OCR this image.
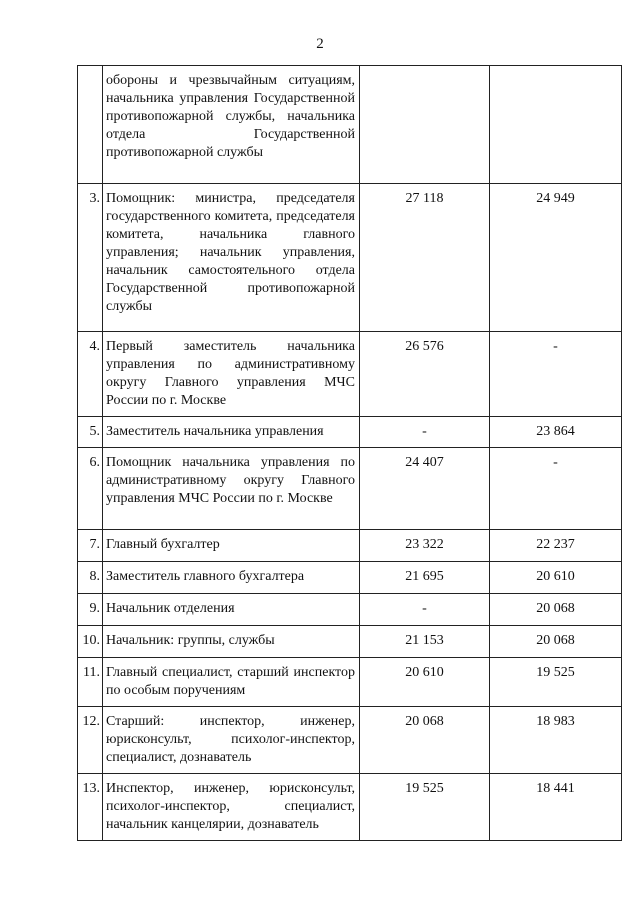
2

	обороны и чрезвычайным ситуациям, начальника управления Государственной противопожарной службы, начальника отдела Государственной противопожарной службы		

3.	Помощник: министра, председателя государственного комитета, председателя комитета, начальника главного управления; начальник управления, начальник самостоятельного отдела Государственной противопожарной службы	27 118	24 949
4.	Первый заместитель начальника управления по административному округу Главного управления МЧС России по г. Москве	26 576	-
5.	Заместитель начальника управления	-	23 864
6.	Помощник начальника управления по административному округу Главного управления МЧС России по г. Москве	24 407	-
7.	Главный бухгалтер	23 322	22 237
8.	Заместитель главного бухгалтера	21 695	20 610
9.	Начальник отделения	-	20 068
10.	Начальник: группы, службы	21 153	20 068
11.	Главный специалист, старший инспектор по особым поручениям	20 610	19 525
12.	Старший: инспектор, инженер, юрисконсульт, психолог-инспектор, специалист, дознаватель	20 068	18 983
13.	Инспектор, инженер, юрисконсульт, психолог-инспектор, специалист, начальник канцелярии, дознаватель	19 525	18 441
